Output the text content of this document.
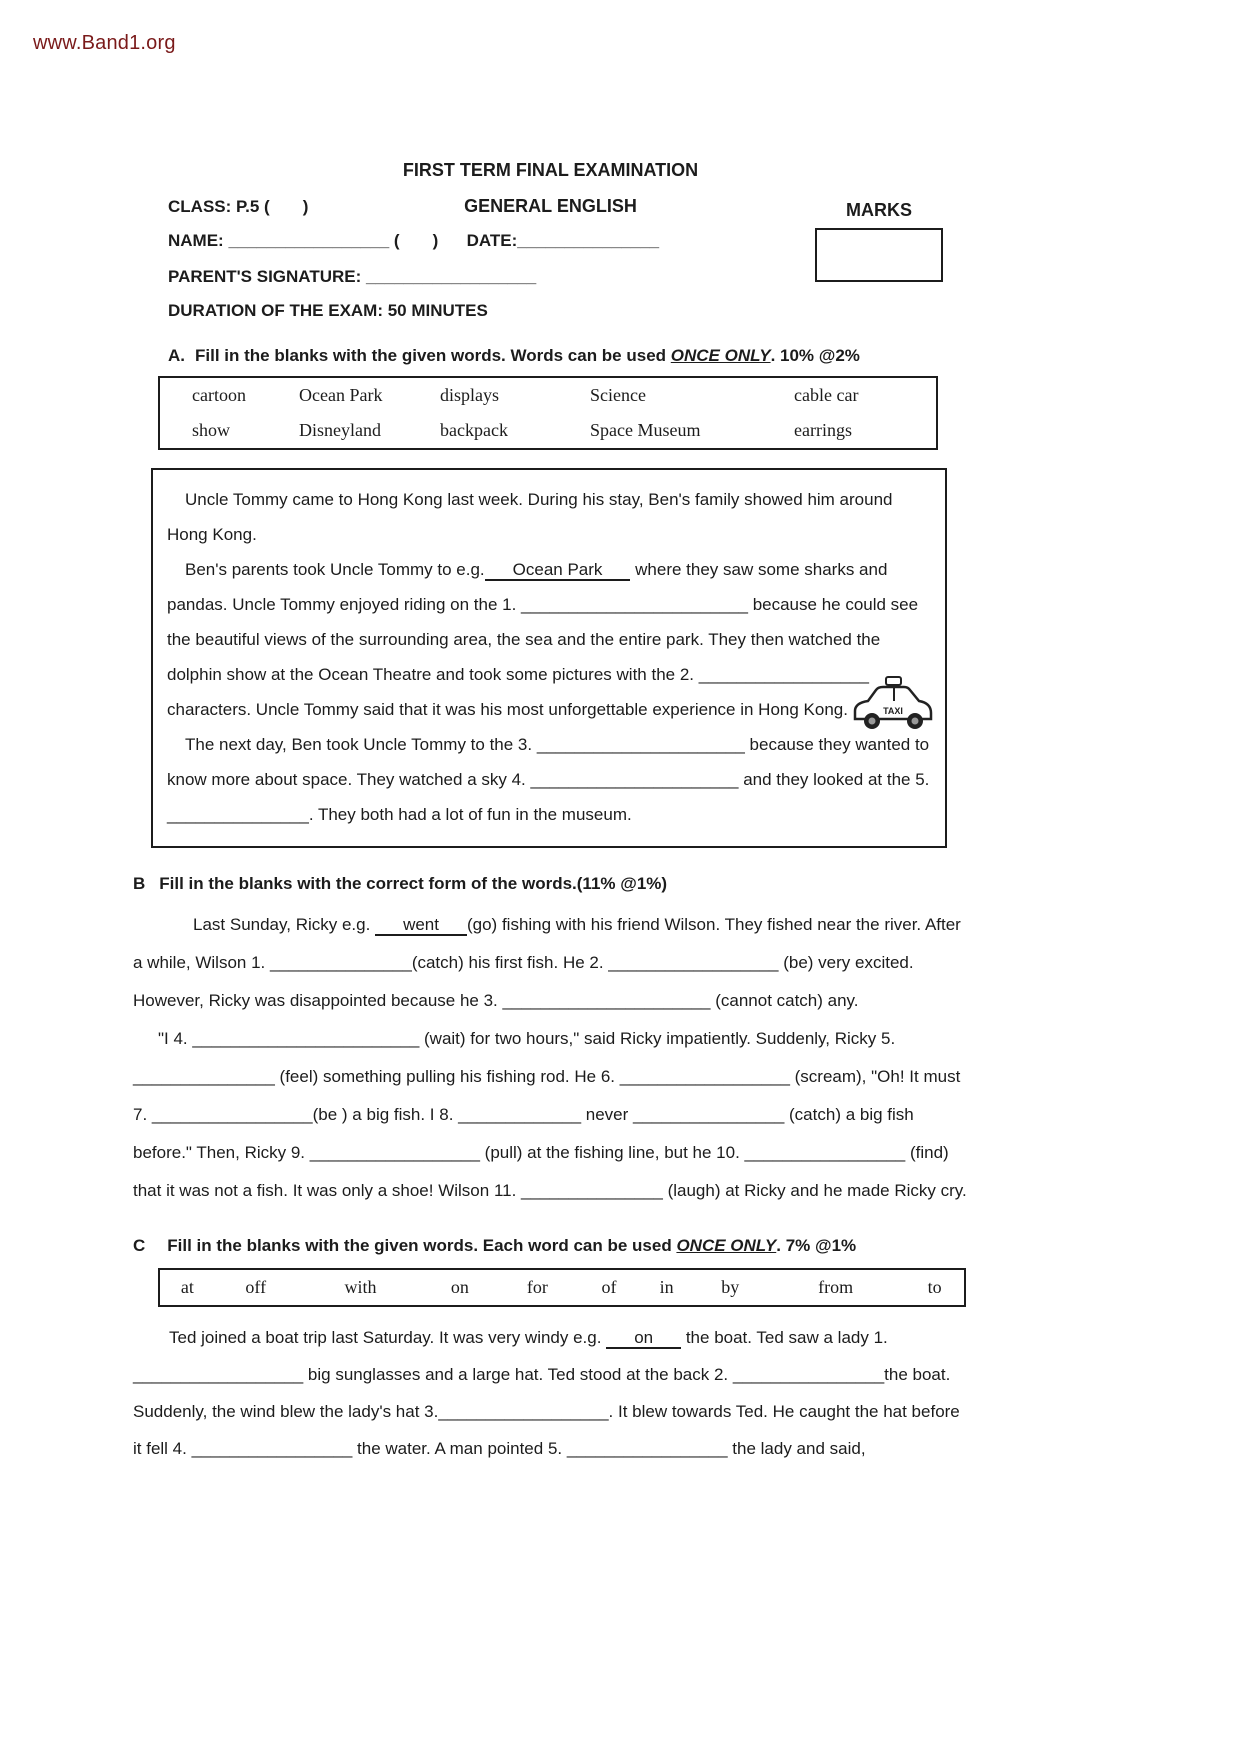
www.Band1.org
FIRST TERM FINAL EXAMINATION
GENERAL ENGLISH
CLASS: P.5 (       )	MARKS
NAME: _________________ (       )      DATE:_______________
PARENT'S SIGNATURE: __________________
DURATION OF THE EXAM: 50 MINUTES
A. Fill in the blanks with the given words. Words can be used ONCE ONLY. 10% @2%
cartoon	Ocean Park	displays	Science	cable car
show	Disneyland	backpack	Space Museum	earrings

Uncle Tommy came to Hong Kong last week. During his stay, Ben's family showed him around Hong Kong.

Ben's parents took Uncle Tommy to e.g. Ocean Park where they saw some sharks and pandas. Uncle Tommy enjoyed riding on the 1. ________________________ because he could see the beautiful views of the surrounding area, the sea and the entire park. They then watched the dolphin show at the Ocean Theatre and took some pictures with the 2. __________________ characters. Uncle Tommy said that it was his most unforgettable experience in Hong Kong.

The next day, Ben took Uncle Tommy to the 3. ______________________ because they wanted to know more about space. They watched a sky 4. ______________________ and they looked at the 5. _______________. They both had a lot of fun in the museum.

TAXI
B Fill in the blanks with the correct form of the words.(11% @1%)

Last Sunday, Ricky e.g. went (go) fishing with his friend Wilson. They fished near the river. After a while, Wilson 1. _______________(catch) his first fish. He 2. __________________ (be) very excited. However, Ricky was disappointed because he 3. ______________________ (cannot catch) any.

"I 4. ________________________ (wait) for two hours," said Ricky impatiently. Suddenly, Ricky 5. _______________ (feel) something pulling his fishing rod. He 6. __________________ (scream), "Oh! It must 7. _________________(be ) a big fish. I 8. _____________ never ________________ (catch) a big fish before." Then, Ricky 9. __________________ (pull) at the fishing line, but he 10. _________________ (find) that it was not a fish. It was only a shoe! Wilson 11. _______________ (laugh) at Ricky and he made Ricky cry.

C Fill in the blanks with the given words. Each word can be used ONCE ONLY. 7% @1%
at	off	with	on	for	of	in	by	from	to

Ted joined a boat trip last Saturday. It was very windy e.g. on the boat. Ted saw a lady 1. __________________ big sunglasses and a large hat. Ted stood at the back 2. ________________the boat. Suddenly, the wind blew the lady's hat 3.__________________. It blew towards Ted. He caught the hat before it fell 4. _________________ the water. A man pointed 5. _________________ the lady and said,
